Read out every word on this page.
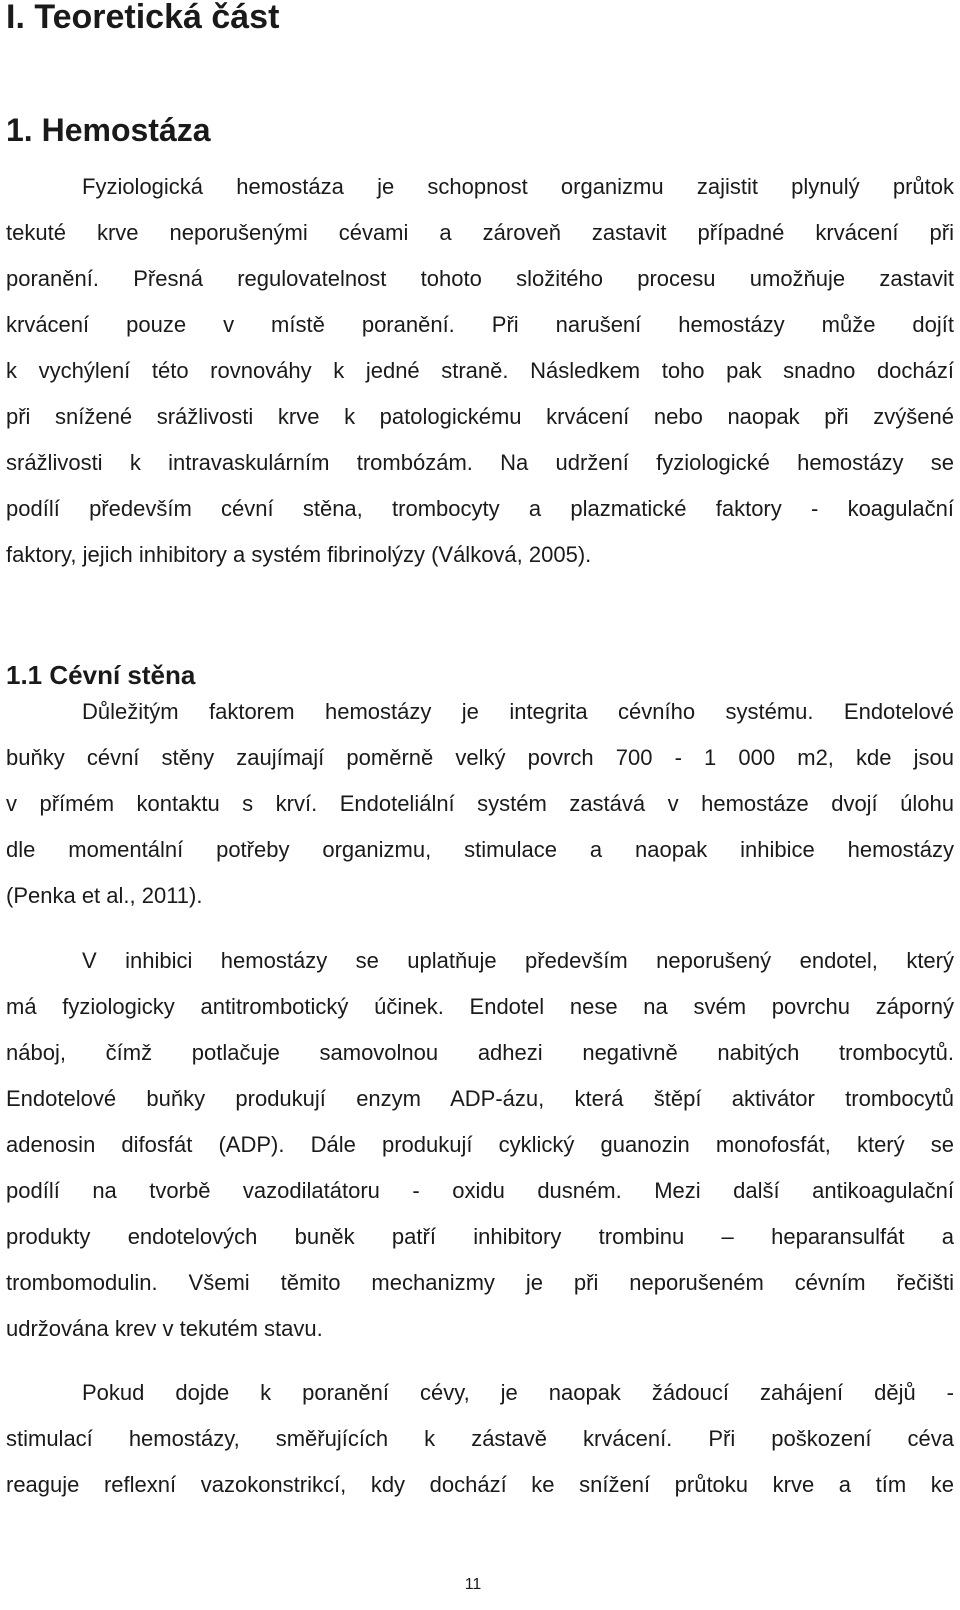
I. Teoretická část
1. Hemostáza
Fyziologická hemostáza je schopnost organizmu zajistit plynulý průtok
tekuté krve neporušenými cévami a zároveň zastavit případné krvácení při
poranění. Přesná regulovatelnost tohoto složitého procesu umožňuje zastavit
krvácení pouze v místě poranění. Při narušení hemostázy může dojít
k vychýlení této rovnováhy k jedné straně. Následkem toho pak snadno dochází
při snížené srážlivosti krve k patologickému krvácení nebo naopak při zvýšené
srážlivosti k intravaskulárním trombózám. Na udržení fyziologické hemostázy se
podílí především cévní stěna, trombocyty a plazmatické faktory - koagulační
faktory, jejich inhibitory a systém fibrinolýzy (Válková, 2005).
1.1 Cévní stěna
Důležitým faktorem hemostázy je integrita cévního systému. Endotelové
buňky cévní stěny zaujímají poměrně velký povrch 700 - 1 000 m2, kde jsou
v přímém kontaktu s krví. Endoteliální systém zastává v hemostáze dvojí úlohu
dle momentální potřeby organizmu, stimulace a naopak inhibice hemostázy
(Penka et al., 2011).
V inhibici hemostázy se uplatňuje především neporušený endotel, který
má fyziologicky antitrombotický účinek. Endotel nese na svém povrchu záporný
náboj, čímž potlačuje samovolnou adhezi negativně nabitých trombocytů.
Endotelové buňky produkují enzym ADP-ázu, která štěpí aktivátor trombocytů
adenosin difosfát (ADP). Dále produkují cyklický guanozin monofosfát, který se
podílí na tvorbě vazodilatátoru - oxidu dusném. Mezi další antikoagulační
produkty endotelových buněk patří inhibitory trombinu – heparansulfát a
trombomodulin. Všemi těmito mechanizmy je při neporušeném cévním řečišti
udržována krev v tekutém stavu.
Pokud dojde k poranění cévy, je naopak žádoucí zahájení dějů -
stimulací hemostázy, směřujících k zástavě krvácení. Při poškození céva
reaguje reflexní vazokonstrikcí, kdy dochází ke snížení průtoku krve a tím ke
11
